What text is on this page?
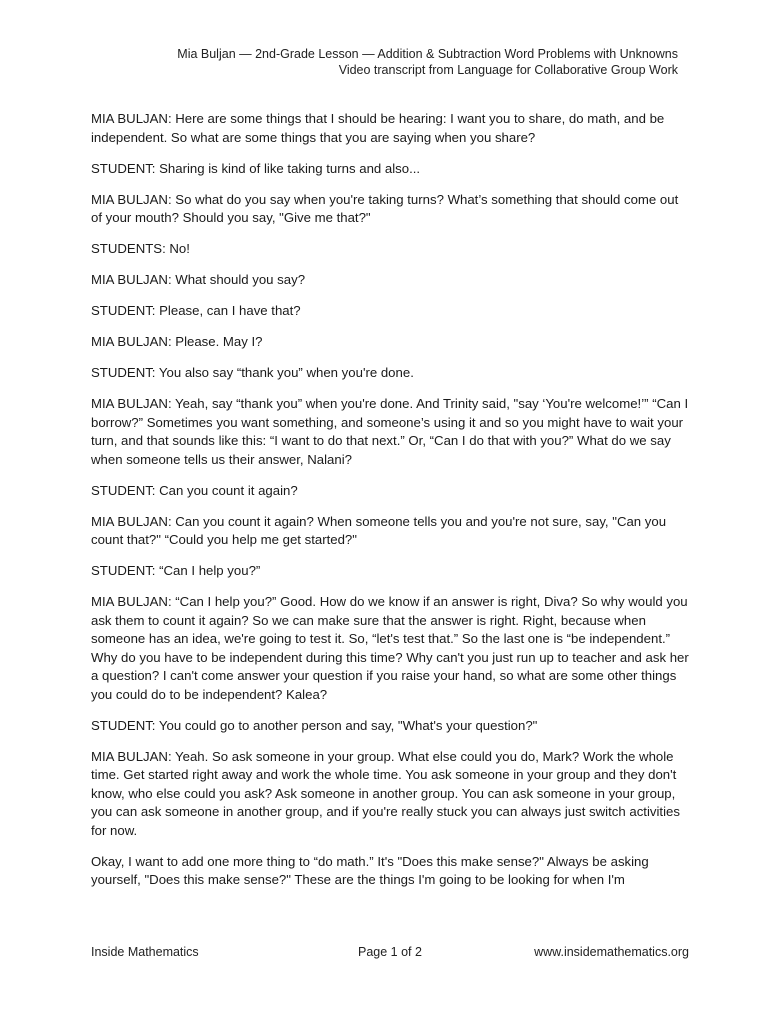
Mia Buljan — 2nd-Grade Lesson — Addition & Subtraction Word Problems with Unknowns
Video transcript from Language for Collaborative Group Work

MIA BULJAN: Here are some things that I should be hearing: I want you to share, do math, and be independent. So what are some things that you are saying when you share?

STUDENT: Sharing is kind of like taking turns and also...

MIA BULJAN: So what do you say when you're taking turns? What’s something that should come out of your mouth? Should you say, "Give me that?"

STUDENTS: No!

MIA BULJAN: What should you say?

STUDENT: Please, can I have that?

MIA BULJAN: Please. May I?

STUDENT: You also say “thank you” when you're done.

MIA BULJAN: Yeah, say “thank you” when you're done. And Trinity said, "say ‘You're welcome!’” “Can I borrow?” Sometimes you want something, and someone’s using it and so you might have to wait your turn, and that sounds like this: “I want to do that next.” Or, “Can I do that with you?” What do we say when someone tells us their answer, Nalani?

STUDENT: Can you count it again?

MIA BULJAN: Can you count it again? When someone tells you and you're not sure, say, "Can you count that?" “Could you help me get started?"

STUDENT: “Can I help you?”

MIA BULJAN: “Can I help you?” Good. How do we know if an answer is right, Diva? So why would you ask them to count it again? So we can make sure that the answer is right. Right, because when someone has an idea, we're going to test it. So, “let's test that.” So the last one is “be independent.” Why do you have to be independent during this time? Why can't you just run up to teacher and ask her a question? I can't come answer your question if you raise your hand, so what are some other things you could do to be independent? Kalea?

STUDENT: You could go to another person and say, "What's your question?"

MIA BULJAN: Yeah. So ask someone in your group. What else could you do, Mark? Work the whole time. Get started right away and work the whole time. You ask someone in your group and they don't know, who else could you ask? Ask someone in another group. You can ask someone in your group, you can ask someone in another group, and if you're really stuck you can always just switch activities for now.

Okay, I want to add one more thing to “do math.” It's "Does this make sense?" Always be asking yourself, "Does this make sense?" These are the things I'm going to be looking for when I'm

Inside Mathematics	Page 1 of 2	www.insidemathematics.org
